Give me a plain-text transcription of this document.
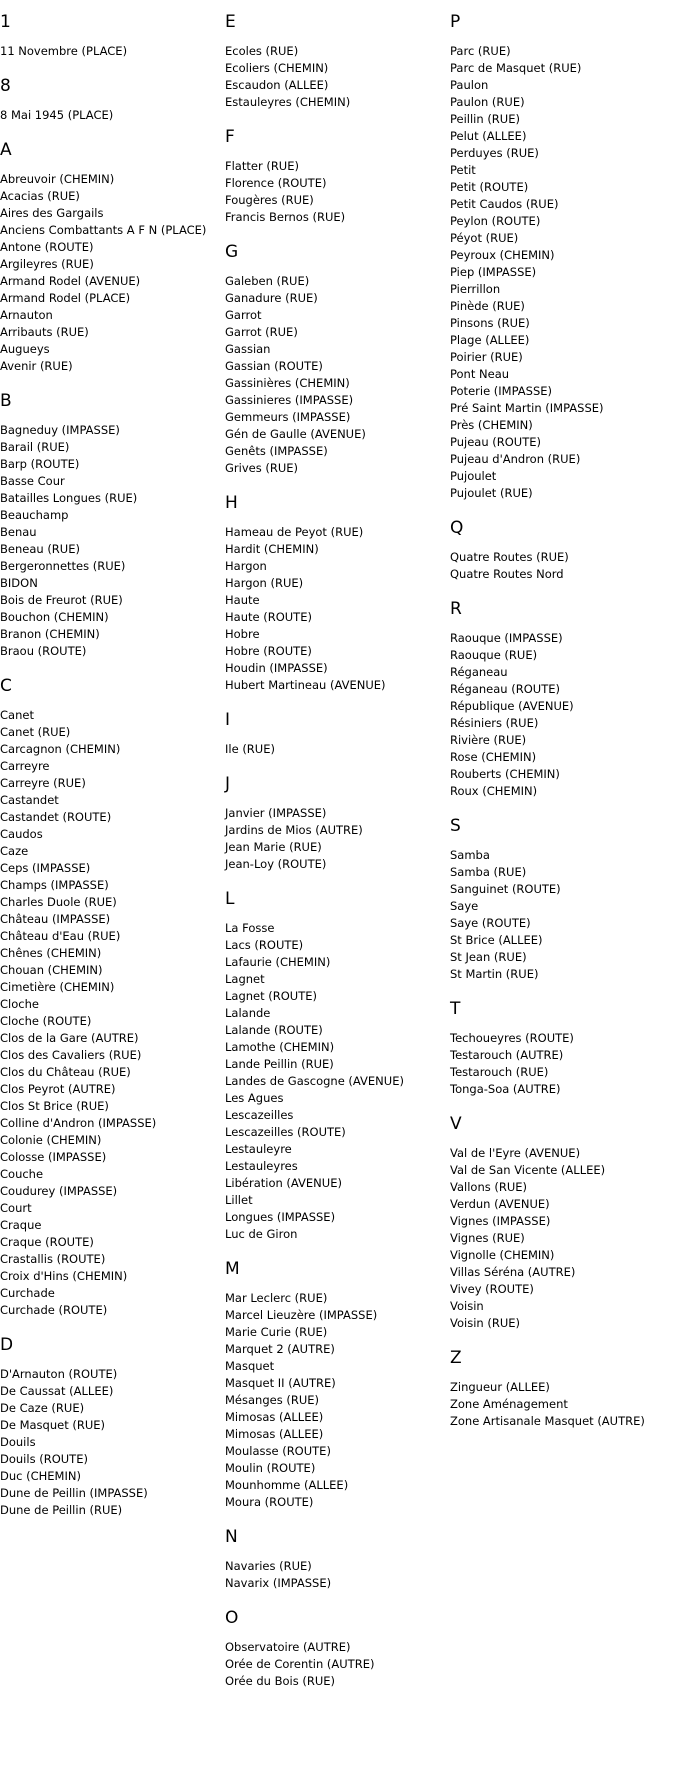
1
11 Novembre (PLACE)
8
8 Mai 1945 (PLACE)
A
Abreuvoir (CHEMIN)
Acacias (RUE)
Aires des Gargails
Anciens Combattants A F N (PLACE)
Antone (ROUTE)
Argileyres (RUE)
Armand Rodel (AVENUE)
Armand Rodel (PLACE)
Arnauton
Arribauts (RUE)
Augueys
Avenir (RUE)
B
Bagneduy (IMPASSE)
Barail (RUE)
Barp (ROUTE)
Basse Cour
Batailles Longues (RUE)
Beauchamp
Benau
Beneau (RUE)
Bergeronnettes (RUE)
BIDON
Bois de Freurot (RUE)
Bouchon (CHEMIN)
Branon (CHEMIN)
Braou (ROUTE)
C
Canet
Canet (RUE)
Carcagnon (CHEMIN)
Carreyre
Carreyre (RUE)
Castandet
Castandet (ROUTE)
Caudos
Caze
Ceps (IMPASSE)
Champs (IMPASSE)
Charles Duole (RUE)
Château (IMPASSE)
Château d'Eau (RUE)
Chênes (CHEMIN)
Chouan (CHEMIN)
Cimetière (CHEMIN)
Cloche
Cloche (ROUTE)
Clos de la Gare (AUTRE)
Clos des Cavaliers (RUE)
Clos du Château (RUE)
Clos Peyrot (AUTRE)
Clos St Brice (RUE)
Colline d'Andron (IMPASSE)
Colonie (CHEMIN)
Colosse (IMPASSE)
Couche
Coudurey (IMPASSE)
Court
Craque
Craque (ROUTE)
Crastallis (ROUTE)
Croix d'Hins (CHEMIN)
Curchade
Curchade (ROUTE)
D
D'Arnauton (ROUTE)
De Caussat (ALLEE)
De Caze (RUE)
De Masquet (RUE)
Douils
Douils (ROUTE)
Duc (CHEMIN)
Dune de Peillin (IMPASSE)
Dune de Peillin (RUE)
E
Ecoles (RUE)
Ecoliers (CHEMIN)
Escaudon (ALLEE)
Estauleyres (CHEMIN)
F
Flatter (RUE)
Florence (ROUTE)
Fougères (RUE)
Francis Bernos (RUE)
G
Galeben (RUE)
Ganadure (RUE)
Garrot
Garrot (RUE)
Gassian
Gassian (ROUTE)
Gassinières (CHEMIN)
Gassinieres (IMPASSE)
Gemmeurs (IMPASSE)
Gén de Gaulle (AVENUE)
Genêts (IMPASSE)
Grives (RUE)
H
Hameau de Peyot (RUE)
Hardit (CHEMIN)
Hargon
Hargon (RUE)
Haute
Haute (ROUTE)
Hobre
Hobre (ROUTE)
Houdin (IMPASSE)
Hubert Martineau (AVENUE)
I
Ile (RUE)
J
Janvier (IMPASSE)
Jardins de Mios (AUTRE)
Jean Marie (RUE)
Jean-Loy (ROUTE)
L
La Fosse
Lacs (ROUTE)
Lafaurie (CHEMIN)
Lagnet
Lagnet (ROUTE)
Lalande
Lalande (ROUTE)
Lamothe (CHEMIN)
Lande Peillin (RUE)
Landes de Gascogne (AVENUE)
Les Agues
Lescazeilles
Lescazeilles (ROUTE)
Lestauleyre
Lestauleyres
Libération (AVENUE)
Lillet
Longues (IMPASSE)
Luc de Giron
M
Mar Leclerc (RUE)
Marcel Lieuzère (IMPASSE)
Marie Curie (RUE)
Marquet 2 (AUTRE)
Masquet
Masquet II (AUTRE)
Mésanges (RUE)
Mimosas (ALLEE)
Mimosas (ALLEE)
Moulasse (ROUTE)
Moulin (ROUTE)
Mounhomme (ALLEE)
Moura (ROUTE)
N
Navaries (RUE)
Navarix (IMPASSE)
O
Observatoire (AUTRE)
Orée de Corentin (AUTRE)
Orée du Bois (RUE)
P
Parc (RUE)
Parc de Masquet (RUE)
Paulon
Paulon (RUE)
Peillin (RUE)
Pelut (ALLEE)
Perduyes (RUE)
Petit
Petit (ROUTE)
Petit Caudos (RUE)
Peylon (ROUTE)
Péyot (RUE)
Peyroux (CHEMIN)
Piep (IMPASSE)
Pierrillon
Pinède (RUE)
Pinsons (RUE)
Plage (ALLEE)
Poirier (RUE)
Pont Neau
Poterie (IMPASSE)
Pré Saint Martin (IMPASSE)
Près (CHEMIN)
Pujeau (ROUTE)
Pujeau d'Andron (RUE)
Pujoulet
Pujoulet (RUE)
Q
Quatre Routes (RUE)
Quatre Routes Nord
R
Raouque (IMPASSE)
Raouque (RUE)
Réganeau
Réganeau (ROUTE)
République (AVENUE)
Résiniers (RUE)
Rivière (RUE)
Rose (CHEMIN)
Rouberts (CHEMIN)
Roux (CHEMIN)
S
Samba
Samba (RUE)
Sanguinet (ROUTE)
Saye
Saye (ROUTE)
St Brice (ALLEE)
St Jean (RUE)
St Martin (RUE)
T
Techoueyres (ROUTE)
Testarouch (AUTRE)
Testarouch (RUE)
Tonga-Soa (AUTRE)
V
Val de l'Eyre (AVENUE)
Val de San Vicente (ALLEE)
Vallons (RUE)
Verdun (AVENUE)
Vignes (IMPASSE)
Vignes (RUE)
Vignolle (CHEMIN)
Villas Séréna (AUTRE)
Vivey (ROUTE)
Voisin
Voisin (RUE)
Z
Zingueur (ALLEE)
Zone Aménagement
Zone Artisanale Masquet (AUTRE)
